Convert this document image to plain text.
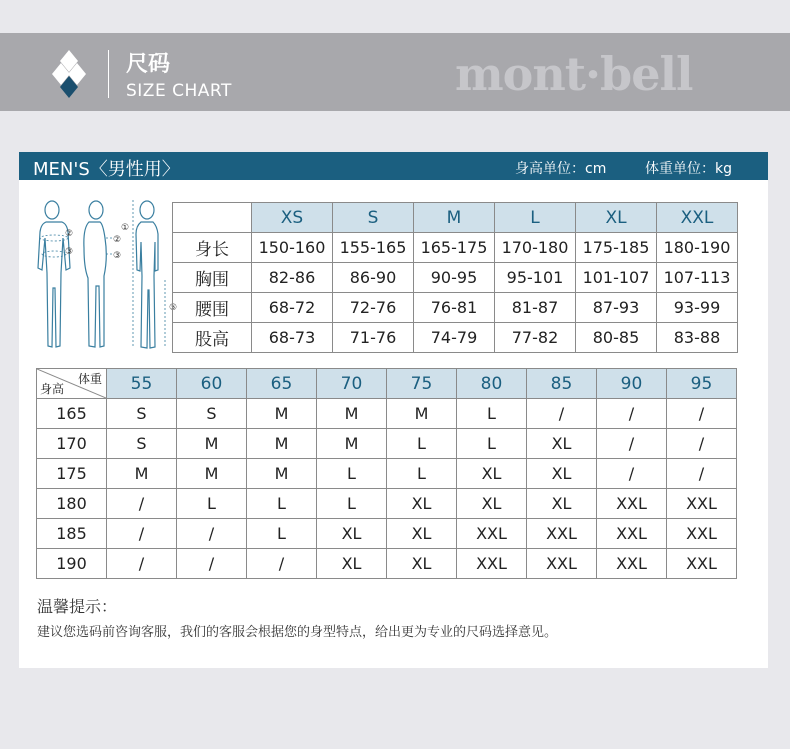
尺码
SIZE CHART	mont·bell
MEN'S〈男性用〉	身高单位：cm	体重单位：kg
①
②
③
②
③
⑤
	XS	S	M	L	XL	XXL
身长	150-160	155-165	165-175	170-180	175-185	180-190
胸围	82-86	86-90	90-95	95-101	101-107	107-113
腰围	68-72	72-76	76-81	81-87	87-93	93-99
股高	68-73	71-76	74-79	77-82	80-85	83-88
体重
身高	55	60	65	70	75	80	85	90	95
165	S	S	M	M	M	L	/	/	/
170	S	M	M	M	L	L	XL	/	/
175	M	M	M	L	L	XL	XL	/	/
180	/	L	L	L	XL	XL	XL	XXL	XXL
185	/	/	L	XL	XL	XXL	XXL	XXL	XXL
190	/	/	/	XL	XL	XXL	XXL	XXL	XXL
温馨提示：
建议您选码前咨询客服，我们的客服会根据您的身型特点，给出更为专业的尺码选择意见。
